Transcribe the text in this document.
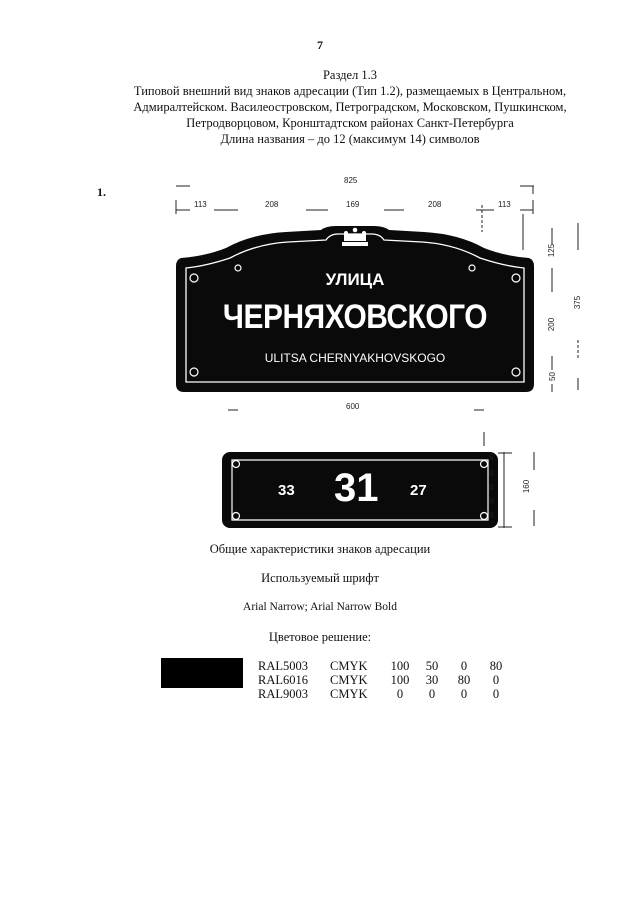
7
Раздел 1.3
Типовой внешний вид знаков адресации (Тип 1.2), размещаемых в Центральном,
Адмиралтейском. Василеостровском, Петроградском, Московском, Пушкинском,
Петродворцовом, Кронштадтском районах Санкт-Петербурга
Длина названия – до 12 (максимум 14) символов
1.
825
113	208	169	208	113
600
125
200
50
375
УЛИЦА
ЧЕРНЯХОВСКОГО
ULITSA CHERNYAKHOVSKOGO
33 31 27
40
30
40
30
40
160
Общие характеристики знаков адресации
Используемый шрифт
Arial Narrow; Arial Narrow Bold
Цветовое решение:
RAL5003	CMYK	100	50	0	80
RAL6016	CMYK	100	30	80	0
RAL9003	CMYK	0	0	0	0
